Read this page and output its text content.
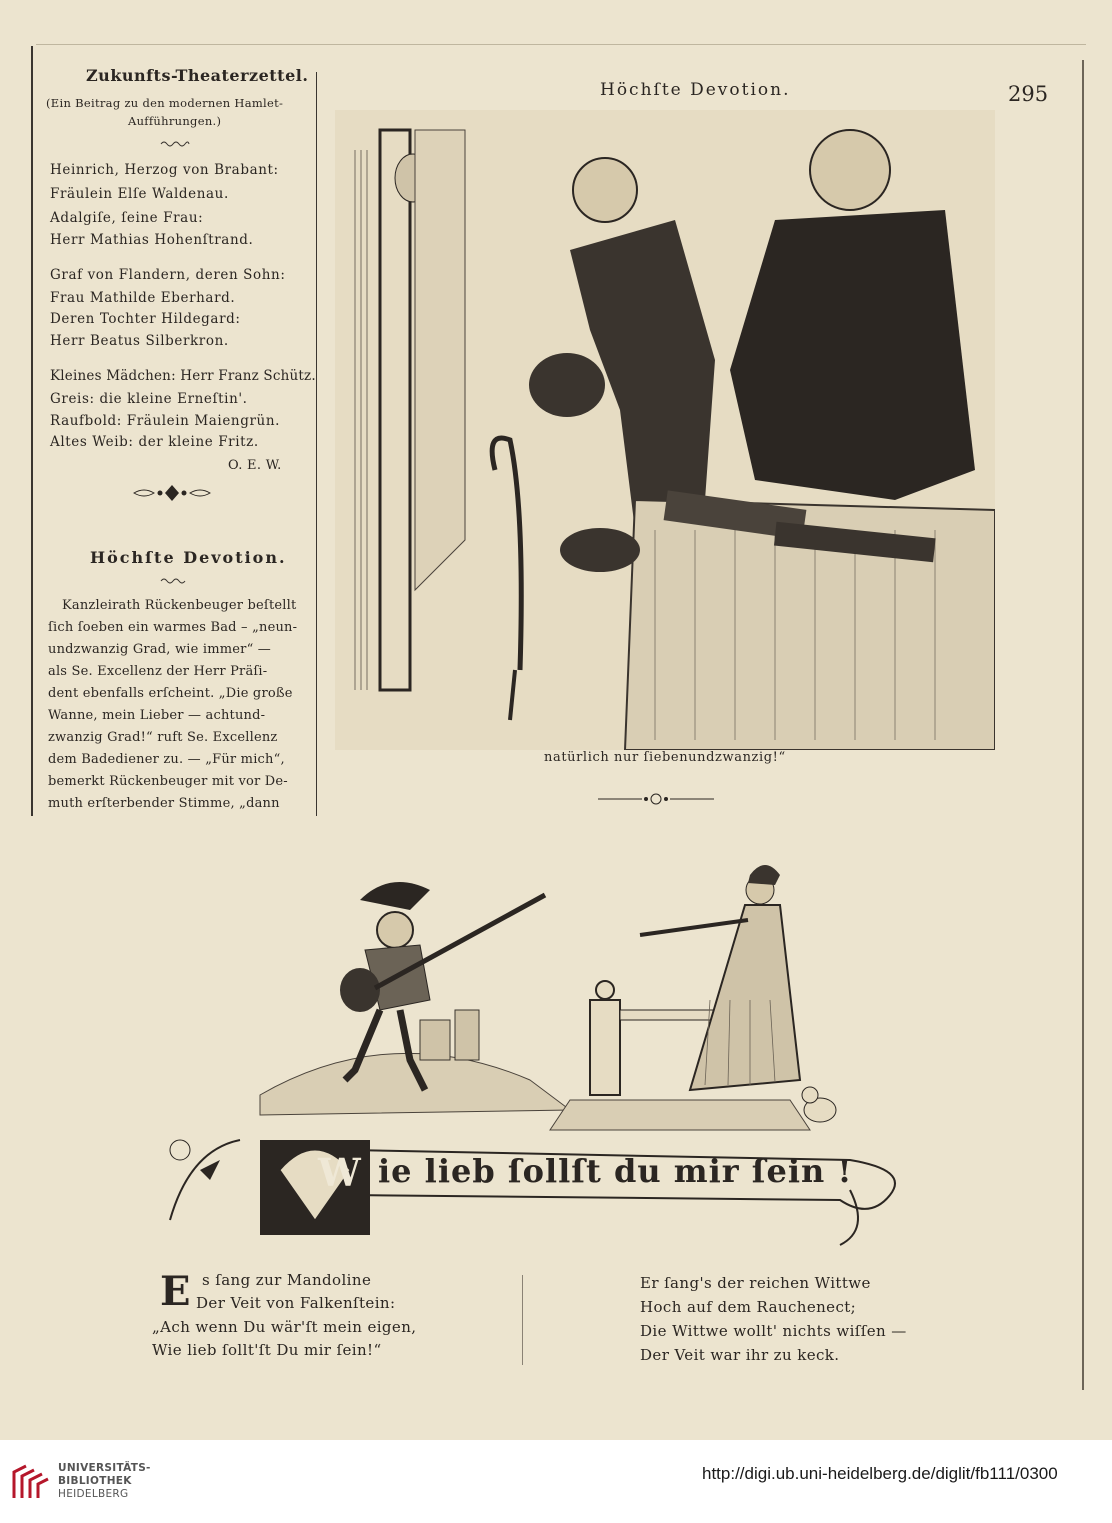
Höchſte Devotion.	295
Zukunfts-Theaterzettel.
(Ein Beitrag zu den modernen Hamlet-
Aufführungen.)
Heinrich, Herzog von Brabant:
Fräulein Elſe Waldenau.
Adalgiſe, ſeine Frau:
Herr Mathias Hohenſtrand.
Graf von Flandern, deren Sohn:
Frau Mathilde Eberhard.
Deren Tochter Hildegard:
Herr Beatus Silberkron.
Kleines Mädchen: Herr Franz Schütz.
Greis: die kleine Erneſtin'.
Raufbold: Fräulein Maiengrün.
Altes Weib: der kleine Fritz.
O. E. W.
Höchſte Devotion.
Kanzleirath Rückenbeuger beſtellt
ſich ſoeben ein warmes Bad – „neun-
undzwanzig Grad, wie immer“ —
als Se. Excellenz der Herr Präſi-
dent ebenfalls erſcheint. „Die große
Wanne, mein Lieber — achtund-
zwanzig Grad!“ ruft Se. Excellenz
dem Badediener zu. — „Für mich“,
bemerkt Rückenbeuger mit vor De-
muth erſterbender Stimme, „dann
natürlich nur ſiebenundzwanzig!“
W ie lieb ſollſt du mir ſein !
E s ſang zur Mandoline
Der Veit von Falkenſtein:
„Ach wenn Du wär'ſt mein eigen,
Wie lieb ſollt'ſt Du mir ſein!“
Er ſang's der reichen Wittwe
Hoch auf dem Rauchenect;
Die Wittwe wollt' nichts wiſſen —
Der Veit war ihr zu keck.
UNIVERSITÄTS-
BIBLIOTHEK
HEIDELBERG
http://digi.ub.uni-heidelberg.de/diglit/fb111/0300
